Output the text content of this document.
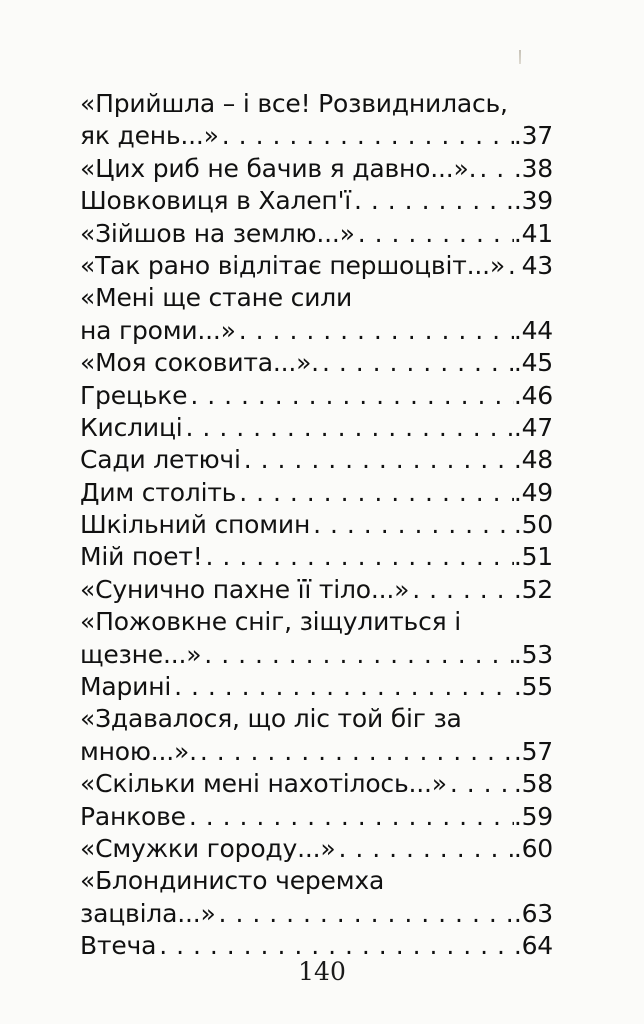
«Прийшла – і все! Розвиднилась,
як день...» . . .	.37
«Цих риб не бачив я давно...». . . . .38
Шовковиця в Халеп'ї . . .	.39
«Зійшов на землю...» . . .	.41
«Так рано відлітає першоцвіт...» . . . 43
«Мені ще стане сили
на громи...» . . .	.44
«Моя соковита...». . . .	.45
Грецьке . . .	.46
Кислиці . . .	.47
Сади летючі . . .	.48
Дим століть . . .	.49
Шкільний спомин . . .	.50
Мій поет! . . .	.51
«Сунично пахне її тіло...» . . .	.52
«Пожовкне сніг, зіщулиться і
щезне...» . . .	.53
Марині . . .	.55
«Здавалося, що ліс той біг за
мною...». . . .	.57
«Скільки мені нахотілось...» . . .	.58
Ранкове . . .	.59
«Смужки городу...» . . .	.60
«Блондинисто черемха
зацвіла...» . . .	.63
Втеча . . .	.64
140
